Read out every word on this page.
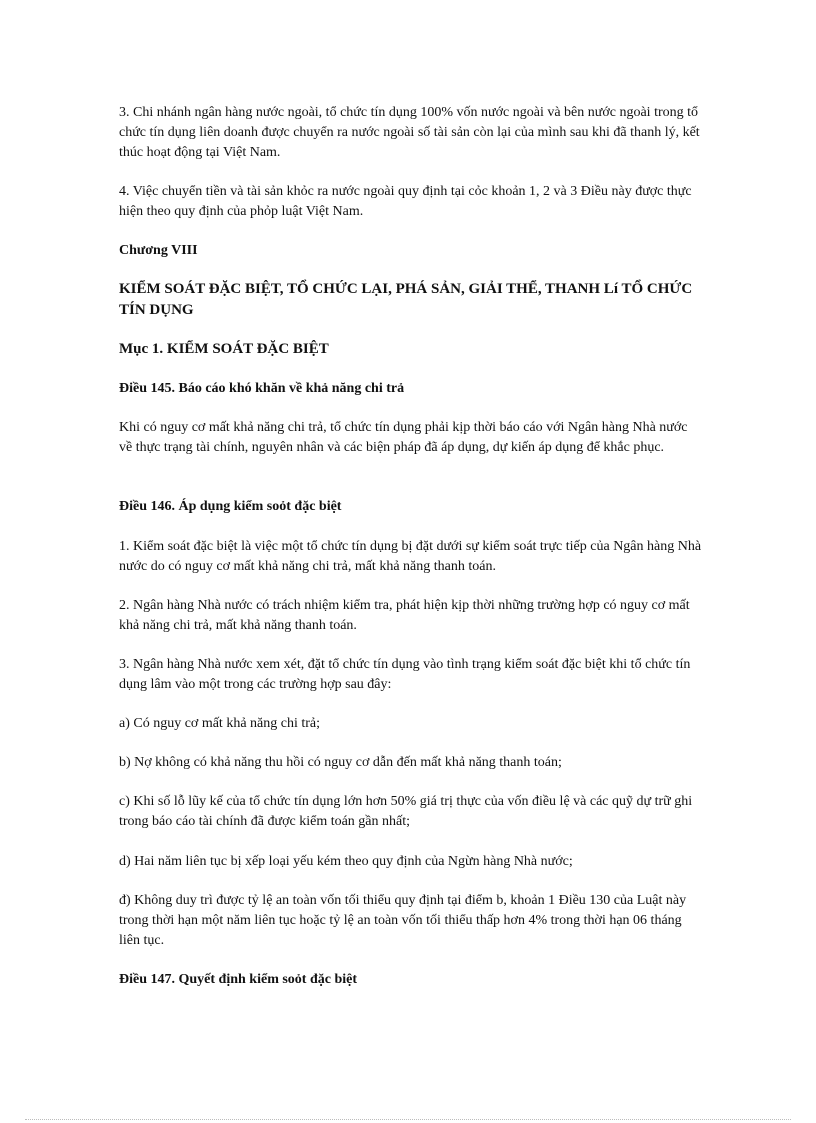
3. Chi nhánh ngân hàng nước ngoài, tổ chức tín dụng 100% vốn nước ngoài và bên nước ngoài trong tổ chức tín dụng liên doanh được chuyển ra nước ngoài số tài sản còn lại của mình sau khi đã thanh lý, kết thúc hoạt động tại Việt Nam.

4. Việc chuyển tiền và tài sản khỏc ra nước ngoài quy định tại cỏc khoản 1, 2 và 3 Điều này được thực hiện theo quy định của phỏp luật Việt Nam.

Chương VIII

KIỂM SOÁT ĐẶC BIỆT, TỔ CHỨC LẠI, PHÁ SẢN, GIẢI THỂ, THANH Lí TỔ CHỨC TÍN DỤNG

Mục 1. KIỂM SOÁT ĐẶC BIỆT

Điều 145. Báo cáo khó khăn về khả năng chi trả

Khi có nguy cơ mất khả năng chi trả, tổ chức tín dụng phải kịp thời báo cáo với Ngân hàng Nhà nước về thực trạng tài chính, nguyên nhân và các biện pháp đã áp dụng, dự kiến áp dụng để khắc phục.

Điều 146. Áp dụng kiểm soỏt đặc biệt

1. Kiểm soát đặc biệt là việc một tổ chức tín dụng bị đặt dưới sự kiểm soát trực tiếp của Ngân hàng Nhà nước do có nguy cơ mất khả năng chi trả, mất khả năng thanh toán.

2. Ngân hàng Nhà nước có trách nhiệm kiểm tra, phát hiện kịp thời những trường hợp có nguy cơ mất khả năng chi trả, mất khả năng thanh toán.

3. Ngân hàng Nhà nước xem xét, đặt tổ chức tín dụng vào tình trạng kiểm soát đặc biệt khi tổ chức tín dụng lâm vào một trong các trường hợp sau đây:

a) Có nguy cơ mất khả năng chi trả;

b) Nợ không có khả năng thu hồi có nguy cơ dẫn đến mất khả năng thanh toán;

c) Khi số lỗ lũy kế của tổ chức tín dụng lớn hơn 50% giá trị thực của vốn điều lệ và các quỹ dự trữ ghi trong báo cáo tài chính đã được kiểm toán gần nhất;

d) Hai năm liên tục bị xếp loại yếu kém theo quy định của Ngừn hàng Nhà nước;

đ) Không duy trì được tỷ lệ an toàn vốn tối thiểu quy định tại điểm b, khoản 1 Điều 130 của Luật này trong thời hạn một năm liên tục hoặc tỷ lệ an toàn vốn tối thiểu thấp hơn 4% trong thời hạn 06 tháng liên tục.

Điều 147. Quyết định kiểm soỏt đặc biệt
